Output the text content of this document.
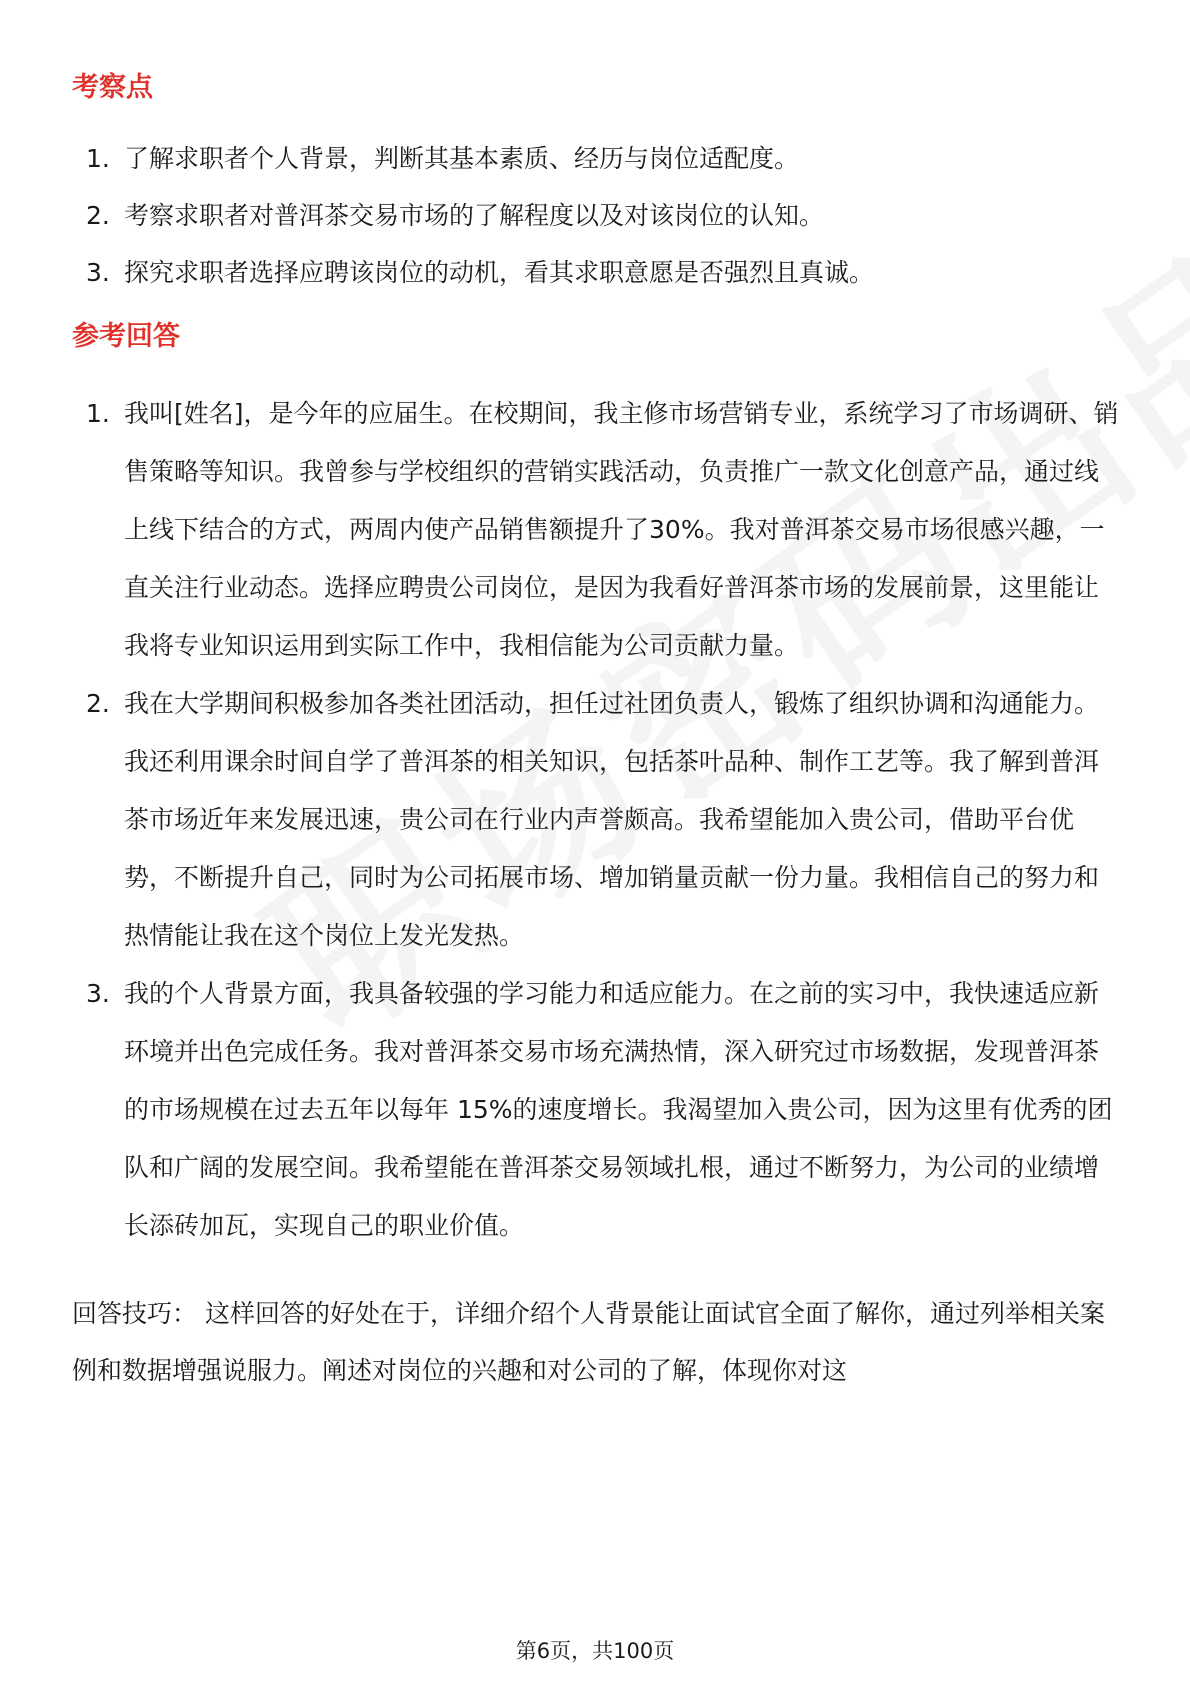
考察点
1. 了解求职者个人背景，判断其基本素质、经历与岗位适配度。
2. 考察求职者对普洱茶交易市场的了解程度以及对该岗位的认知。
3. 探究求职者选择应聘该岗位的动机，看其求职意愿是否强烈且真诚。
参考回答
1. 我叫[姓名]，是今年的应届生。在校期间，我主修市场营销专业，系统学习了市场调研、销售策略等知识。我曾参与学校组织的营销实践活动，负责推广一款文化创意产品，通过线上线下结合的方式，两周内使产品销售额提升了30%。我对普洱茶交易市场很感兴趣，一直关注行业动态。选择应聘贵公司岗位，是因为我看好普洱茶市场的发展前景，这里能让我将专业知识运用到实际工作中，我相信能为公司贡献力量。
2. 我在大学期间积极参加各类社团活动，担任过社团负责人，锻炼了组织协调和沟通能力。我还利用课余时间自学了普洱茶的相关知识，包括茶叶品种、制作工艺等。我了解到普洱茶市场近年来发展迅速，贵公司在行业内声誉颇高。我希望能加入贵公司，借助平台优势，不断提升自己，同时为公司拓展市场、增加销量贡献一份力量。我相信自己的努力和热情能让我在这个岗位上发光发热。
3. 我的个人背景方面，我具备较强的学习能力和适应能力。在之前的实习中，我快速适应新环境并出色完成任务。我对普洱茶交易市场充满热情，深入研究过市场数据，发现普洱茶的市场规模在过去五年以每年 15%的速度增长。我渴望加入贵公司，因为这里有优秀的团队和广阔的发展空间。我希望能在普洱茶交易领域扎根，通过不断努力，为公司的业绩增长添砖加瓦，实现自己的职业价值。

回答技巧： 这样回答的好处在于，详细介绍个人背景能让面试官全面了解你，通过列举相关案例和数据增强说服力。阐述对岗位的兴趣和对公司的了解，体现你对这

第6页，共100页
